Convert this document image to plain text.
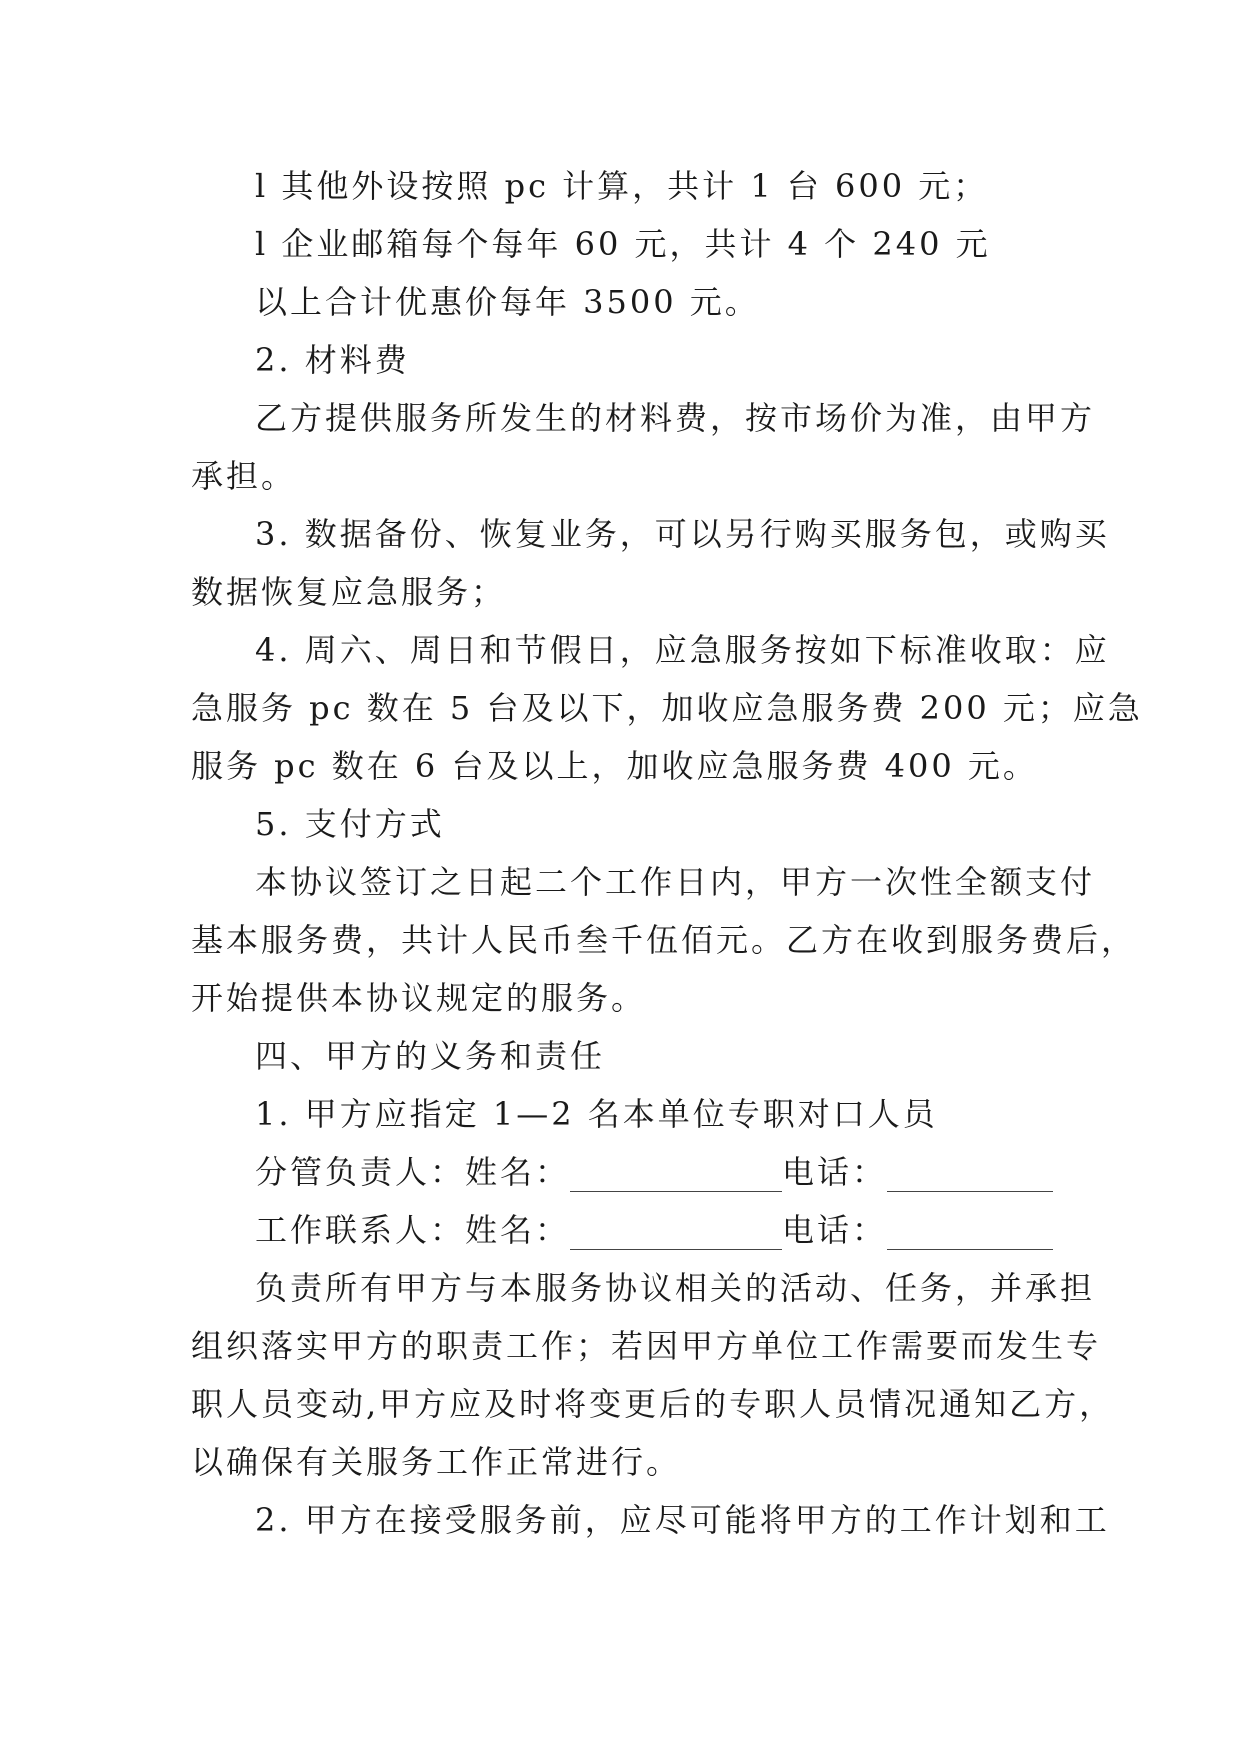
l 其他外设按照 pc 计算，共计 1 台 600 元；
l 企业邮箱每个每年 60 元，共计 4 个 240 元
以上合计优惠价每年 3500 元。
2. 材料费
乙方提供服务所发生的材料费，按市场价为准，由甲方
承担。
3. 数据备份、恢复业务，可以另行购买服务包，或购买
数据恢复应急服务；
4. 周六、周日和节假日，应急服务按如下标准收取：应
急服务 pc 数在 5 台及以下，加收应急服务费 200 元；应急
服务 pc 数在 6 台及以上，加收应急服务费 400 元。
5. 支付方式
本协议签订之日起二个工作日内，甲方一次性全额支付
基本服务费，共计人民币叁千伍佰元。乙方在收到服务费后，
开始提供本协议规定的服务。
四、甲方的义务和责任
1. 甲方应指定 1—2 名本单位专职对口人员
分管负责人：姓名：	电话：
工作联系人：姓名：	电话：
负责所有甲方与本服务协议相关的活动、任务，并承担
组织落实甲方的职责工作；若因甲方单位工作需要而发生专
职人员变动,甲方应及时将变更后的专职人员情况通知乙方，
以确保有关服务工作正常进行。
2. 甲方在接受服务前，应尽可能将甲方的工作计划和工
